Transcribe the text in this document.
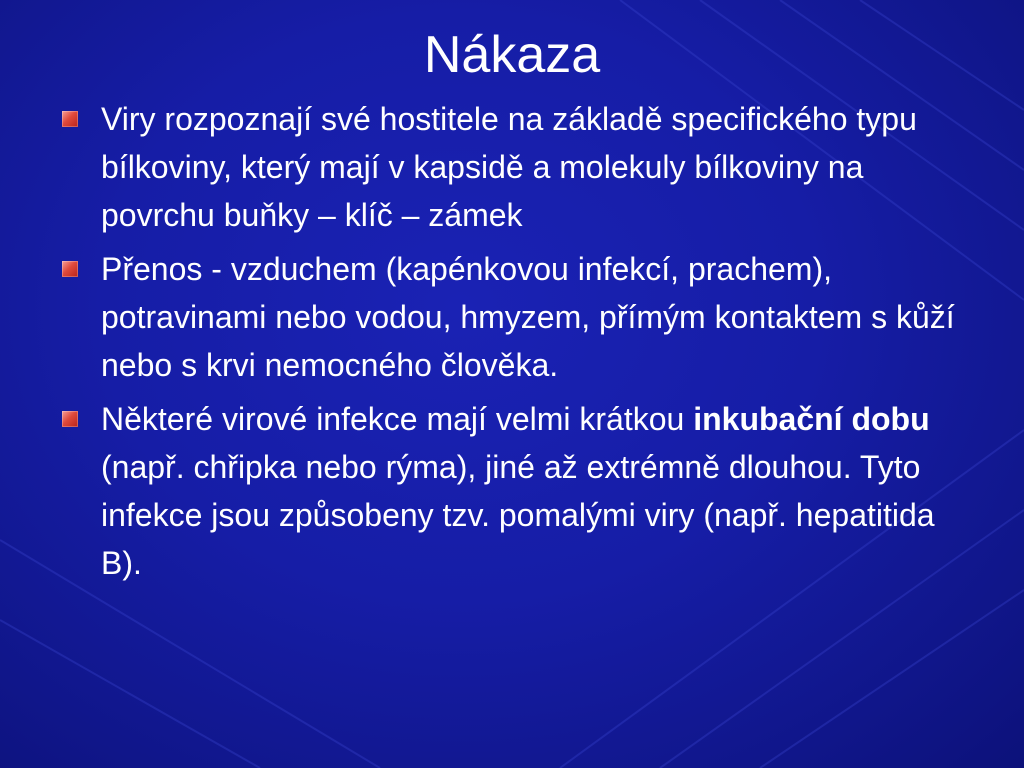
Nákaza
Viry rozpoznají své hostitele na základě specifického typu bílkoviny, který mají v kapsidě a molekuly bílkoviny na povrchu buňky – klíč – zámek
Přenos - vzduchem (kapénkovou infekcí, prachem), potravinami nebo vodou, hmyzem, přímým kontaktem s kůží nebo s krvi nemocného člověka.
Některé virové infekce mají velmi krátkou inkubační dobu (např. chřipka nebo rýma), jiné až extrémně dlouhou. Tyto infekce jsou způsobeny tzv. pomalými viry (např. hepatitida B).
